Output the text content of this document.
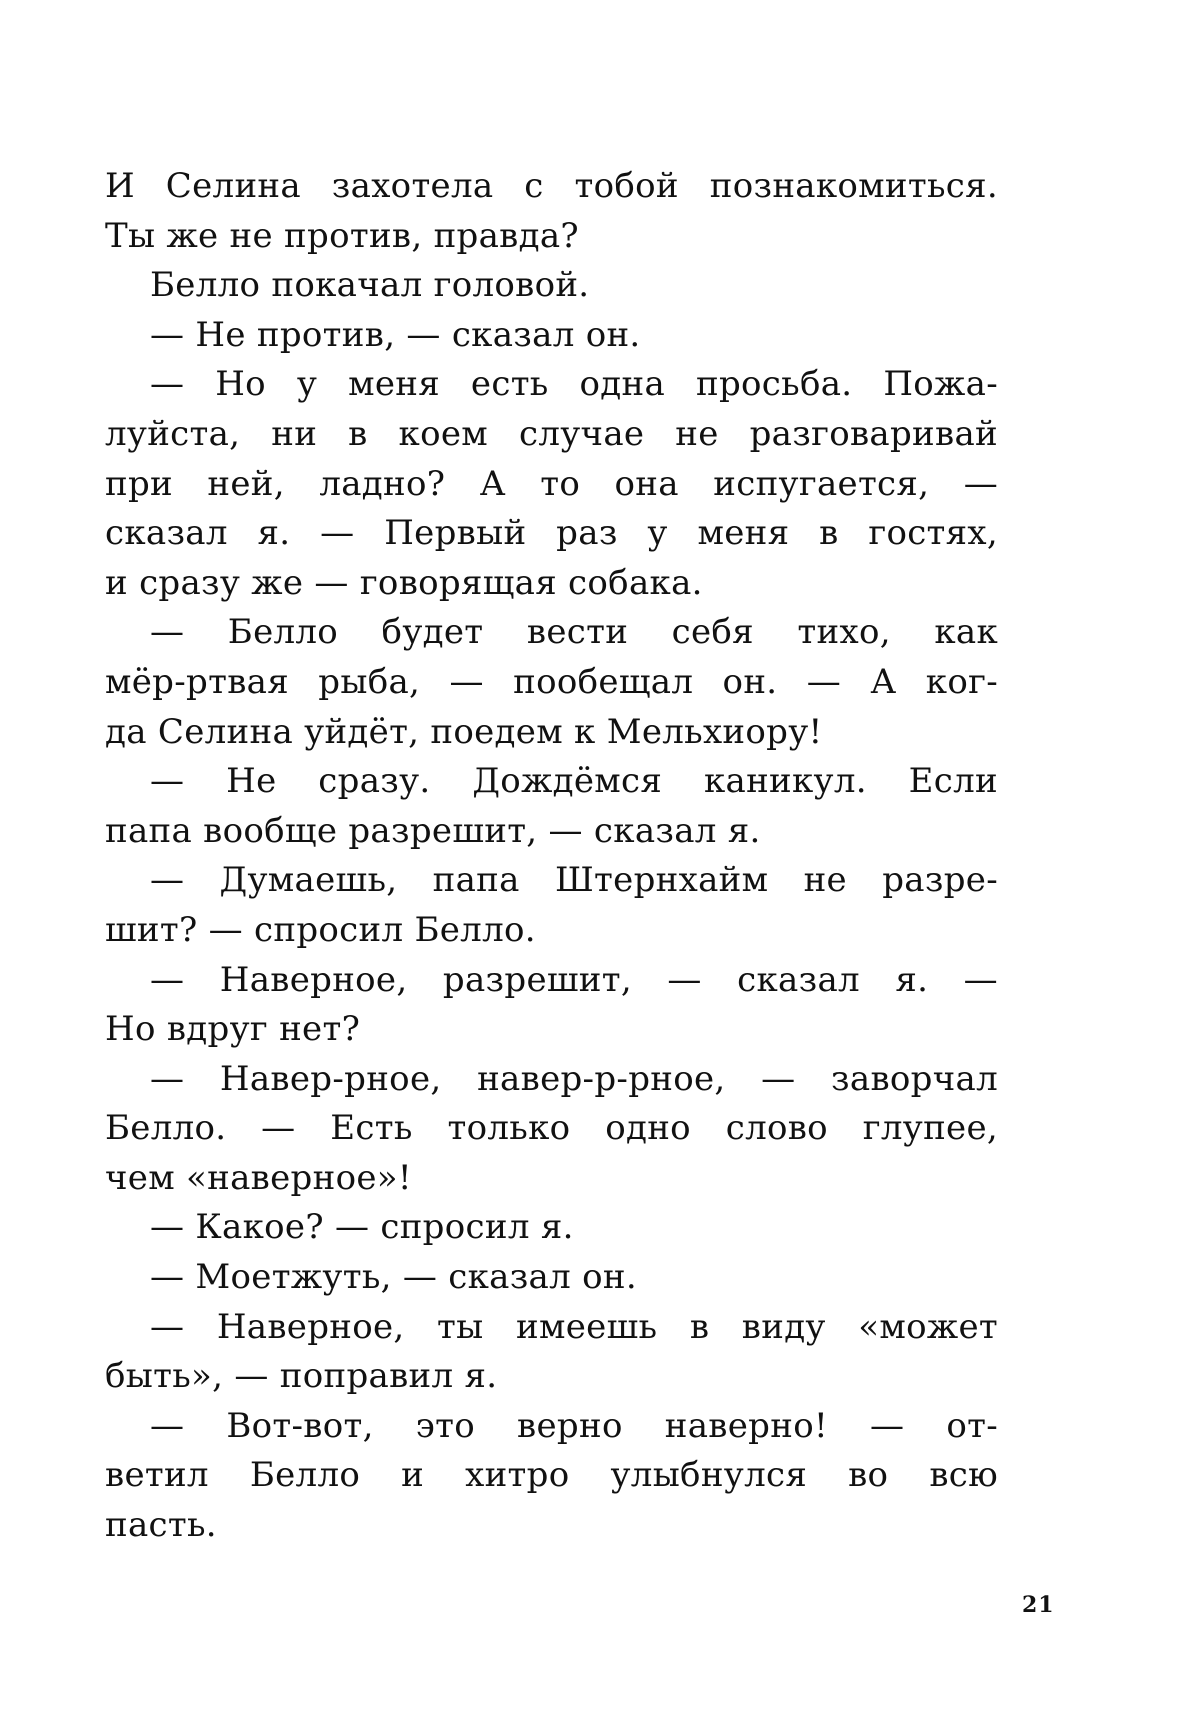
И Селина захотела с тобой познакомиться.
Ты же не против, правда?
Белло покачал головой.
— Не против, — сказал он.
— Но у меня есть одна просьба. Пожа-
луйста, ни в коем случае не разговаривай
при ней, ладно? А то она испугается, —
сказал я. — Первый раз у меня в гостях,
и сразу же — говорящая собака.
— Белло будет вести себя тихо, как
мёр-ртвая рыба, — пообещал он. — А ког-
да Селина уйдёт, поедем к Мельхиору!
— Не сразу. Дождёмся каникул. Если
папа вообще разрешит, — сказал я.
— Думаешь, папа Штернхайм не разре-
шит? — спросил Белло.
— Наверное, разрешит, — сказал я. —
Но вдруг нет?
— Навер-рное, навер-р-рное, — заворчал
Белло. — Есть только одно слово глупее,
чем «наверное»!
— Какое? — спросил я.
— Моетжуть, — сказал он.
— Наверное, ты имеешь в виду «может
быть», — поправил я.
— Вот-вот, это верно наверно! — от-
ветил Белло и хитро улыбнулся во всю
пасть.
21
